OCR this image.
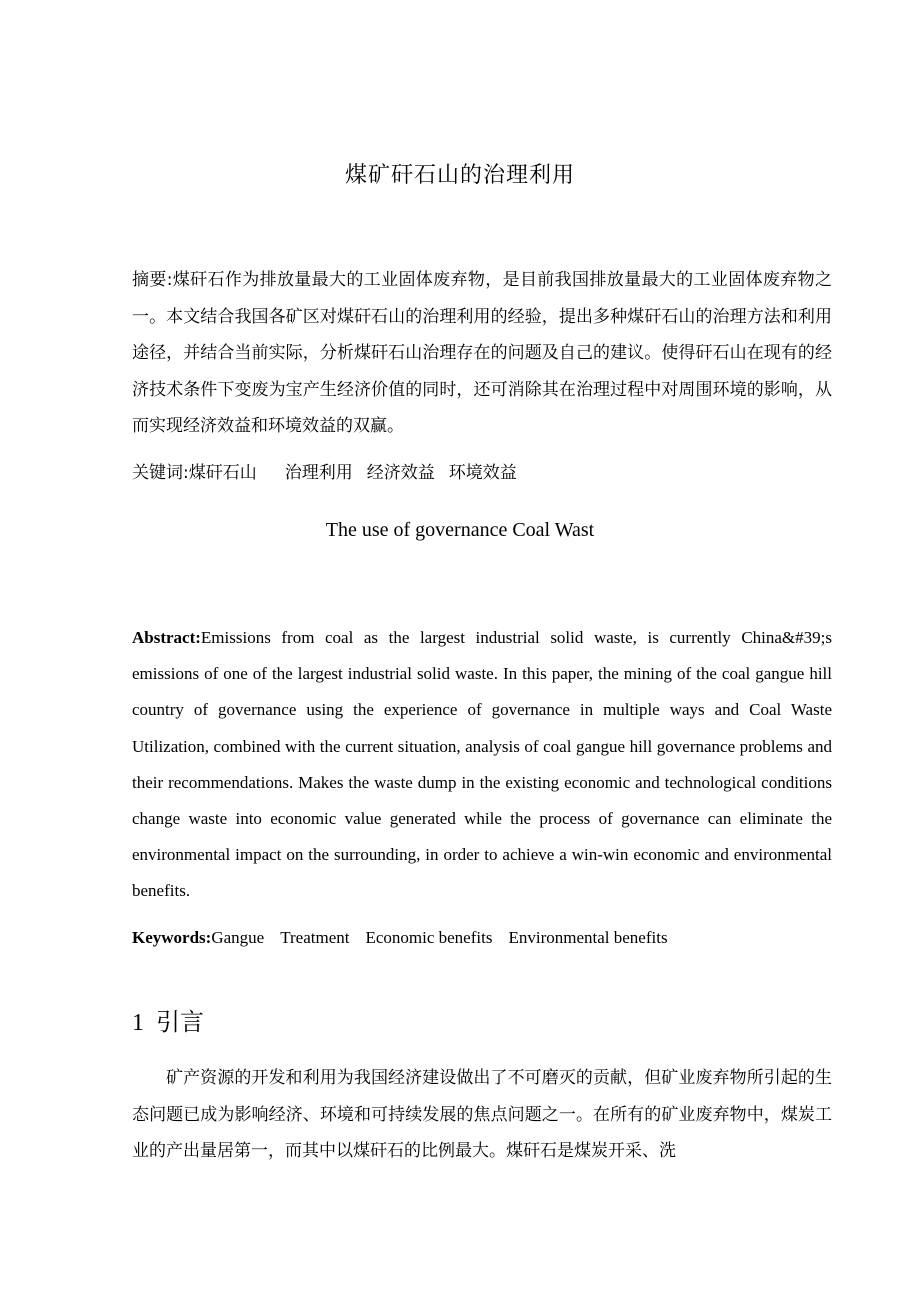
煤矿矸石山的治理利用
摘要:煤矸石作为排放量最大的工业固体废弃物，是目前我国排放量最大的工业固体废弃物之一。本文结合我国各矿区对煤矸石山的治理利用的经验，提出多种煤矸石山的治理方法和利用途径，并结合当前实际，分析煤矸石山治理存在的问题及自己的建议。使得矸石山在现有的经济技术条件下变废为宝产生经济价值的同时，还可消除其在治理过程中对周围环境的影响，从而实现经济效益和环境效益的双赢。
关键词:煤矸石山 治理利用 经济效益 环境效益
The use of governance Coal Wast
Abstract:Emissions from coal as the largest industrial solid waste, is currently China&#39;s emissions of one of the largest industrial solid waste. In this paper, the mining of the coal gangue hill country of governance using the experience of governance in multiple ways and Coal Waste Utilization, combined with the current situation, analysis of coal gangue hill governance problems and their recommendations. Makes the waste dump in the existing economic and technological conditions change waste into economic value generated while the process of governance can eliminate the environmental impact on the surrounding, in order to achieve a win-win economic and environmental benefits.
Keywords:Gangue Treatment Economic benefits Environmental benefits
1 引言
矿产资源的开发和利用为我国经济建设做出了不可磨灭的贡献，但矿业废弃物所引起的生态问题已成为影响经济、环境和可持续发展的焦点问题之一。在所有的矿业废弃物中，煤炭工业的产出量居第一，而其中以煤矸石的比例最大。煤矸石是煤炭开采、洗
